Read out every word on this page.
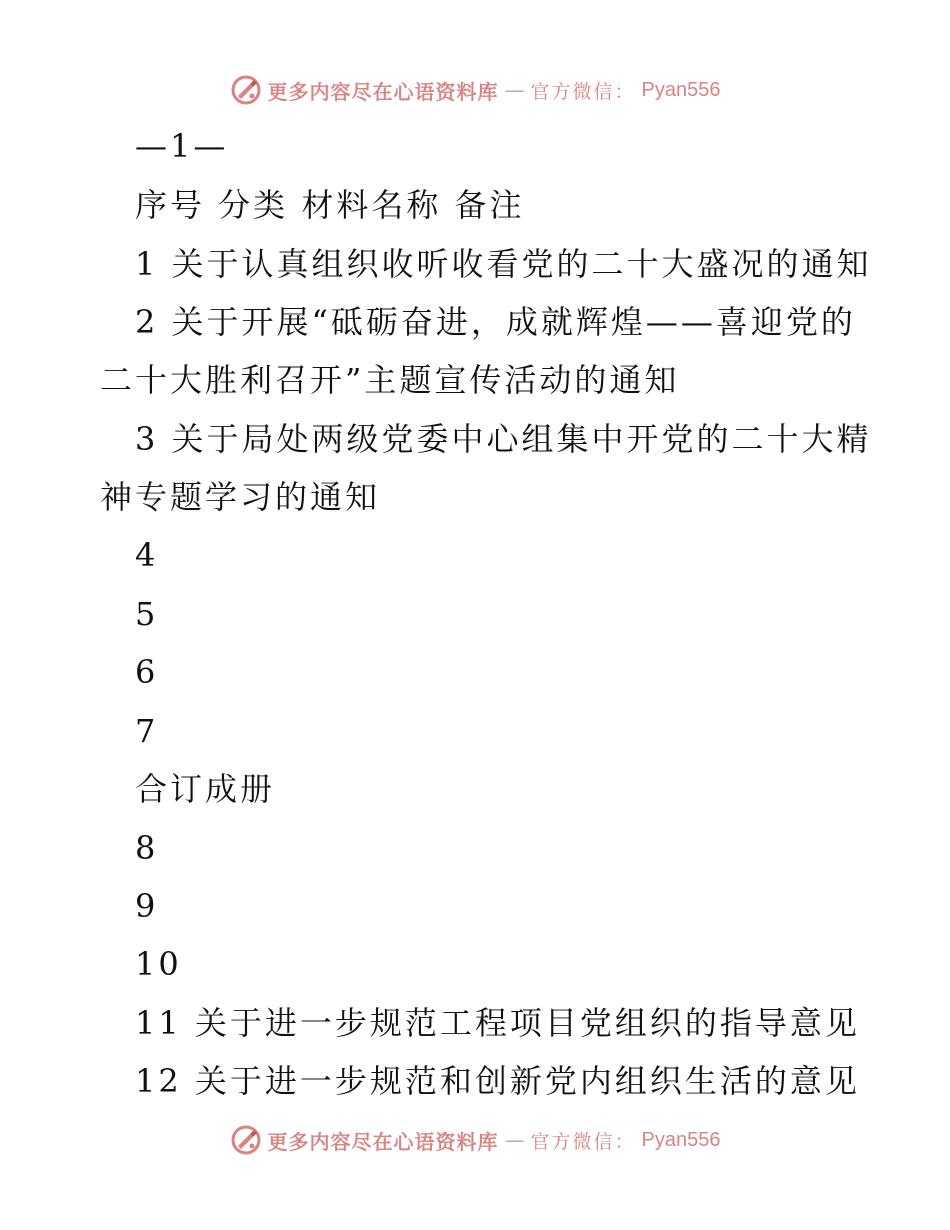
更多内容尽在心语资料库 — 官方微信： Pyan556
—1—
序号 分类 材料名称 备注
1 关于认真组织收听收看党的二十大盛况的通知
2 关于开展“砥砺奋进，成就辉煌——喜迎党的
二十大胜利召开”主题宣传活动的通知
3 关于局处两级党委中心组集中开党的二十大精
神专题学习的通知
4
5
6
7
合订成册
8
9
10
11 关于进一步规范工程项目党组织的指导意见
12 关于进一步规范和创新党内组织生活的意见
更多内容尽在心语资料库 — 官方微信： Pyan556
